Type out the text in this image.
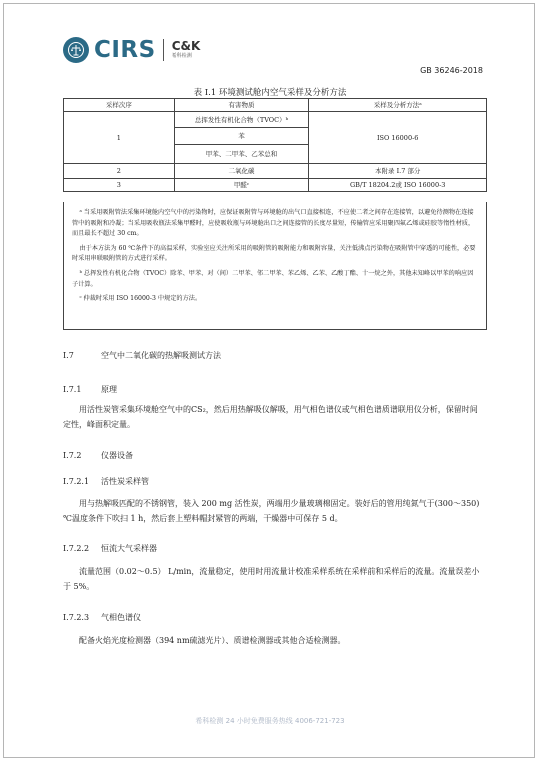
CIRS C&K
希科检测
GB 36246-2018
表 I.1 环境测试舱内空气采样及分析方法
采样次序	有害物质	采样及分析方法ᵃ
1	总挥发性有机化合物（TVOC）ᵇ	ISO 16000-6
	苯	
	甲苯、二甲苯、乙苯总和	
2	二氧化碳	本附录 I.7 部分
3	甲醛ᶜ	GB/T 18204.2或 ISO 16000-3

ᵃ 当采用吸附管法采集环境舱内空气中的污染物时，应保证吸附管与环境舱的出气口直接相连，不应使二者之间存在连接管，以避免待测物在连接管中的吸附和冷凝；当采用吸收瓶法采集甲醛时，应使吸收瓶与环境舱出口之间连接管的长度尽量短，传输管应采用聚四氟乙烯或硅胶等惰性材质，而且最长不超过 30 cm。

由于本方法为 60 ℃条件下的高温采样，实验室应关注所采用的吸附管的吸附能力和吸附容量，关注低沸点污染物在吸附管中穿透的可能性，必要时采用串联吸附管的方式进行采样。

ᵇ 总挥发性有机化合物（TVOC）除苯、甲苯、对（间）二甲苯、邻二甲苯、苯乙烯、乙苯、乙酸丁酯、十一烷之外，其他未知峰以甲苯的响应因子计算。

ᶜ 仲裁时采用 ISO 16000-3 中规定的方法。

I.7	空气中二氧化碳的热解吸测试方法
I.7.1 原理
用活性炭管采集环境舱空气中的CS₂，然后用热解吸仪解吸，用气相色谱仪或气相色谱质谱联用仪分析，保留时间定性，峰面积定量。
I.7.2 仪器设备
I.7.2.1 活性炭采样管
用与热解吸匹配的不锈钢管，装入 200 mg 活性炭，两端用少量玻璃棉固定。装好后的管用纯氮气于(300～350) ℃温度条件下吹扫 1 h，然后套上塑料帽封紧管的两端，干燥器中可保存 5 d。
I.7.2.2 恒流大气采样器
流量范围（0.02～0.5） L/min，流量稳定，使用时用流量计校准采样系统在采样前和采样后的流量。流量误差小于 5%。
I.7.2.3 气相色谱仪
配备火焰光度检测器（394 nm硫滤光片）、质谱检测器或其他合适检测器。
希科检测 24 小时免费服务热线 4006-721-723
